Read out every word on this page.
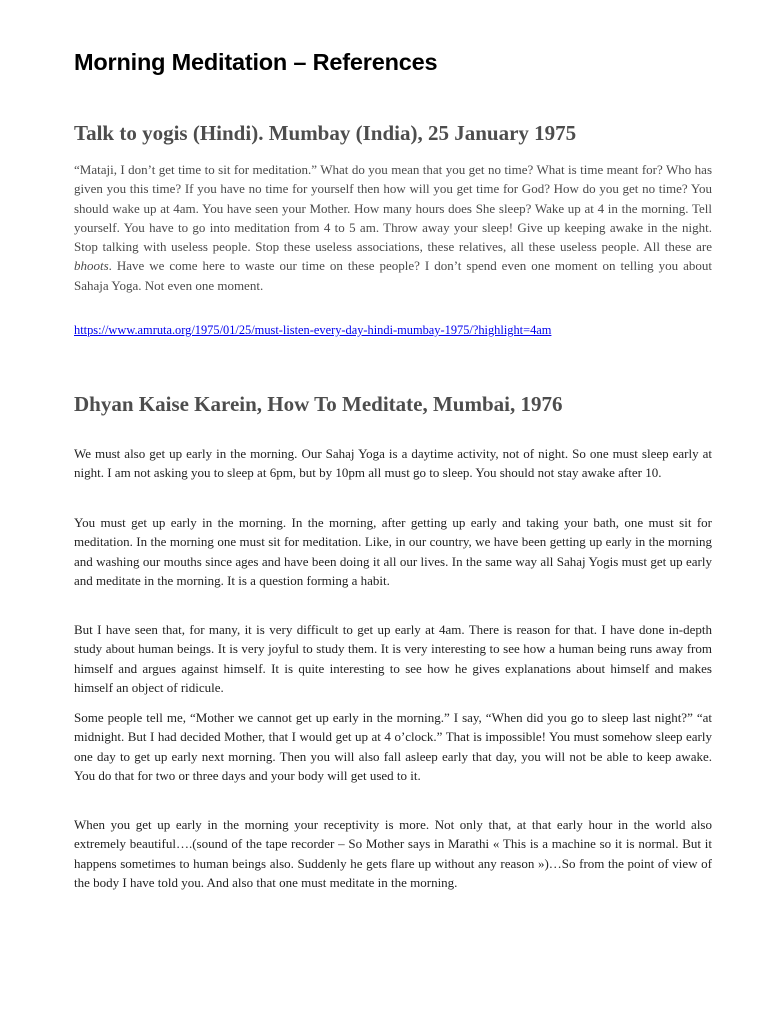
Morning Meditation – References
Talk to yogis (Hindi). Mumbay (India), 25 January 1975

“Mataji, I don’t get time to sit for meditation.” What do you mean that you get no time? What is time meant for? Who has given you this time? If you have no time for yourself then how will you get time for God? How do you get no time? You should wake up at 4am. You have seen your Mother. How many hours does She sleep? Wake up at 4 in the morning. Tell yourself. You have to go into meditation from 4 to 5 am. Throw away your sleep! Give up keeping awake in the night. Stop talking with useless people. Stop these useless associations, these relatives, all these useless people. All these are bhoots. Have we come here to waste our time on these people? I don’t spend even one moment on telling you about Sahaja Yoga. Not even one moment.

https://www.amruta.org/1975/01/25/must-listen-every-day-hindi-mumbay-1975/?highlight=4am
Dhyan Kaise Karein, How To Meditate, Mumbai, 1976

We must also get up early in the morning. Our Sahaj Yoga is a daytime activity, not of night. So one must sleep early at night. I am not asking you to sleep at 6pm, but by 10pm all must go to sleep. You should not stay awake after 10.

You must get up early in the morning. In the morning, after getting up early and taking your bath, one must sit for meditation. In the morning one must sit for meditation. Like, in our country, we have been getting up early in the morning and washing our mouths since ages and have been doing it all our lives. In the same way all Sahaj Yogis must get up early and meditate in the morning. It is a question forming a habit.

But I have seen that, for many, it is very difficult to get up early at 4am. There is reason for that. I have done in-depth study about human beings. It is very joyful to study them. It is very interesting to see how a human being runs away from himself and argues against himself. It is quite interesting to see how he gives explanations about himself and makes himself an object of ridicule.

Some people tell me, “Mother we cannot get up early in the morning.” I say, “When did you go to sleep last night?” “at midnight. But I had decided Mother, that I would get up at 4 o’clock.” That is impossible! You must somehow sleep early one day to get up early next morning. Then you will also fall asleep early that day, you will not be able to keep awake. You do that for two or three days and your body will get used to it.

When you get up early in the morning your receptivity is more. Not only that, at that early hour in the world also extremely beautiful….(sound of the tape recorder – So Mother says in Marathi « This is a machine so it is normal. But it happens sometimes to human beings also. Suddenly he gets flare up without any reason »)…So from the point of view of the body I have told you. And also that one must meditate in the morning.
